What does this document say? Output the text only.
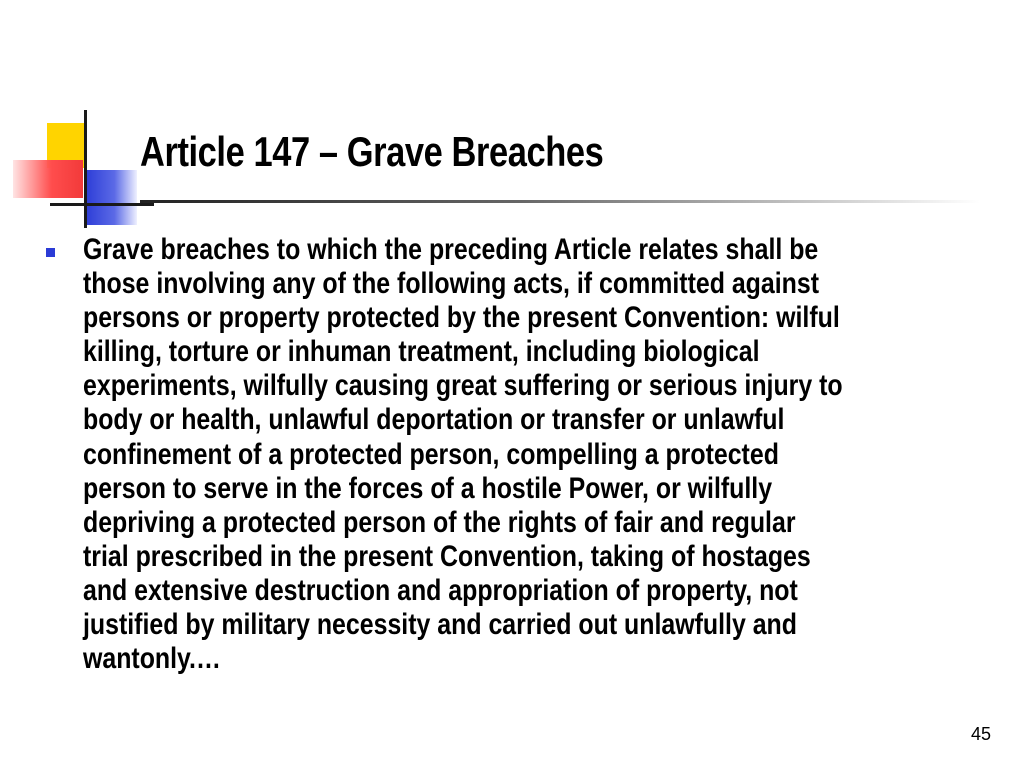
Article 147 – Grave Breaches
Grave breaches to which the preceding Article relates shall be
those involving any of the following acts, if committed against
persons or property protected by the present Convention: wilful
killing, torture or inhuman treatment, including biological
experiments, wilfully causing great suffering or serious injury to
body or health, unlawful deportation or transfer or unlawful
confinement of a protected person, compelling a protected
person to serve in the forces of a hostile Power, or wilfully
depriving a protected person of the rights of fair and regular
trial prescribed in the present Convention, taking of hostages
and extensive destruction and appropriation of property, not
justified by military necessity and carried out unlawfully and
wantonly.…
45
